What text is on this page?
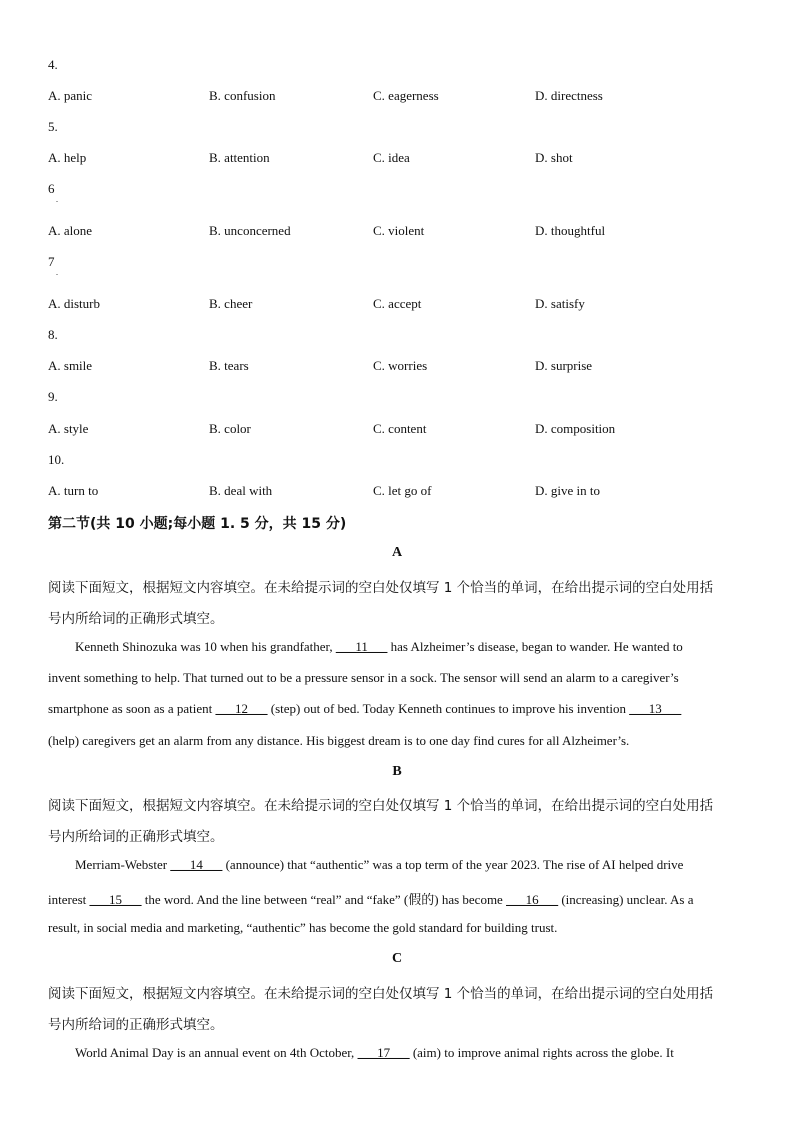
4.
A. panic	B. confusion	C. eagerness	D. directness
5.
A. help	B. attention	C. idea	D. shot
6
.
A. alone	B. unconcerned	C. violent	D. thoughtful
7
.
A. disturb	B. cheer	C. accept	D. satisfy
8.
A. smile	B. tears	C. worries	D. surprise
9.
A. style	B. color	C. content	D. composition
10.
A. turn to	B. deal with	C. let go of	D. give in to
第二节(共 10 小题;每小题 1. 5 分，共 15 分)
A
阅读下面短文，根据短文内容填空。在未给提示词的空白处仅填写 1 个恰当的单词，在给出提示词的空白处用括
号内所给词的正确形式填空。
Kenneth Shinozuka was 10 when his grandfather, ___11___ has Alzheimer’s disease, began to wander. He wanted to
invent something to help. That turned out to be a pressure sensor in a sock. The sensor will send an alarm to a caregiver’s
smartphone as soon as a patient ___12___ (step) out of bed. Today Kenneth continues to improve his invention ___13___
(help) caregivers get an alarm from any distance. His biggest dream is to one day find cures for all Alzheimer’s.
B
阅读下面短文，根据短文内容填空。在未给提示词的空白处仅填写 1 个恰当的单词，在给出提示词的空白处用括
号内所给词的正确形式填空。
Merriam-Webster ___14___ (announce) that “authentic” was a top term of the year 2023. The rise of AI helped drive
interest ___15___ the word. And the line between “real” and “fake” (假的) has become ___16___ (increasing) unclear. As a
result, in social media and marketing, “authentic” has become the gold standard for building trust.
C
阅读下面短文，根据短文内容填空。在未给提示词的空白处仅填写 1 个恰当的单词，在给出提示词的空白处用括
号内所给词的正确形式填空。
World Animal Day is an annual event on 4th October, ___17___ (aim) to improve animal rights across the globe. It
